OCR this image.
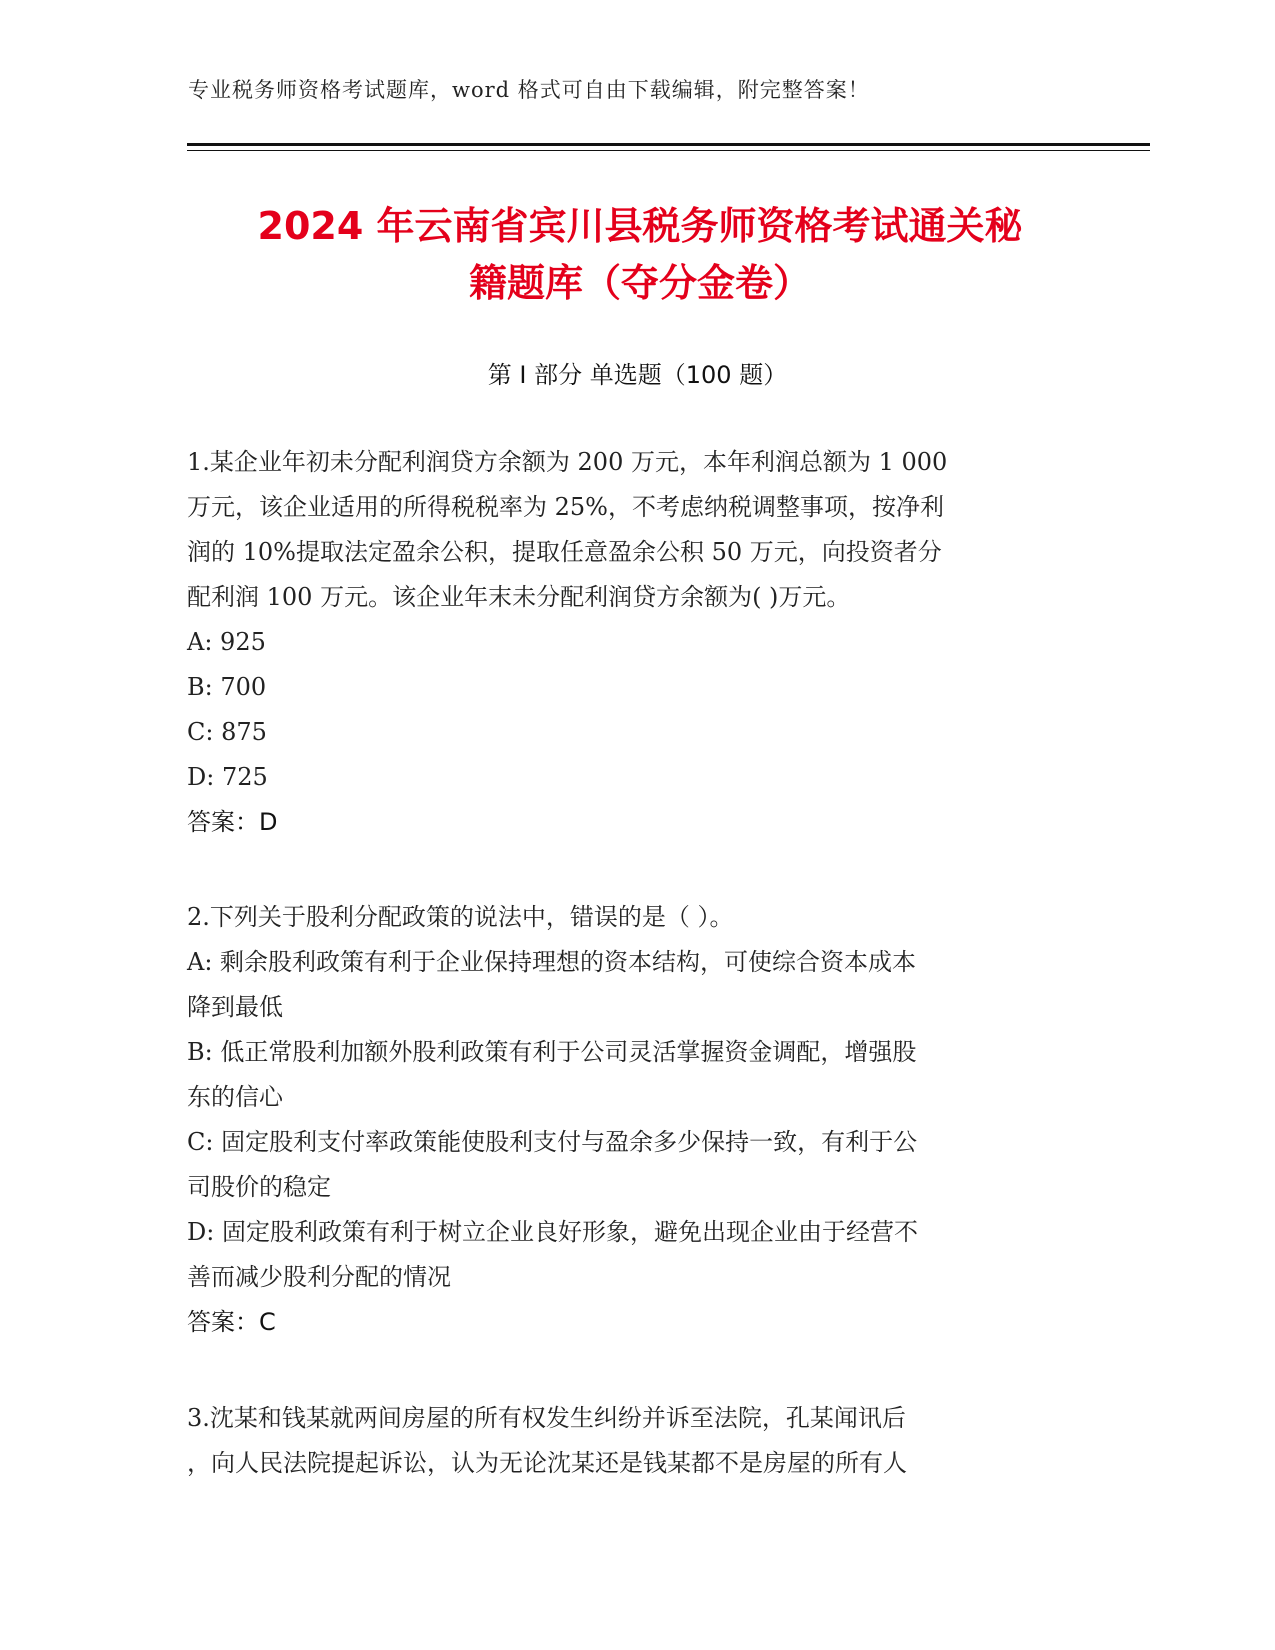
专业税务师资格考试题库，word 格式可自由下载编辑，附完整答案！
2024 年云南省宾川县税务师资格考试通关秘
籍题库（夺分金卷）
第 I 部分 单选题（100 题）

1.某企业年初未分配利润贷方余额为 200 万元，本年利润总额为 1 000

万元，该企业适用的所得税税率为 25%，不考虑纳税调整事项，按净利

润的 10%提取法定盈余公积，提取任意盈余公积 50 万元，向投资者分

配利润 100 万元。该企业年末未分配利润贷方余额为( )万元。

A: 925

B: 700

C: 875

D: 725

答案：D

2.下列关于股利分配政策的说法中，错误的是（ ）。

A: 剩余股利政策有利于企业保持理想的资本结构，可使综合资本成本

降到最低

B: 低正常股利加额外股利政策有利于公司灵活掌握资金调配，增强股

东的信心

C: 固定股利支付率政策能使股利支付与盈余多少保持一致，有利于公

司股价的稳定

D: 固定股利政策有利于树立企业良好形象，避免出现企业由于经营不

善而减少股利分配的情况

答案：C

3.沈某和钱某就两间房屋的所有权发生纠纷并诉至法院，孔某闻讯后

，向人民法院提起诉讼，认为无论沈某还是钱某都不是房屋的所有人
